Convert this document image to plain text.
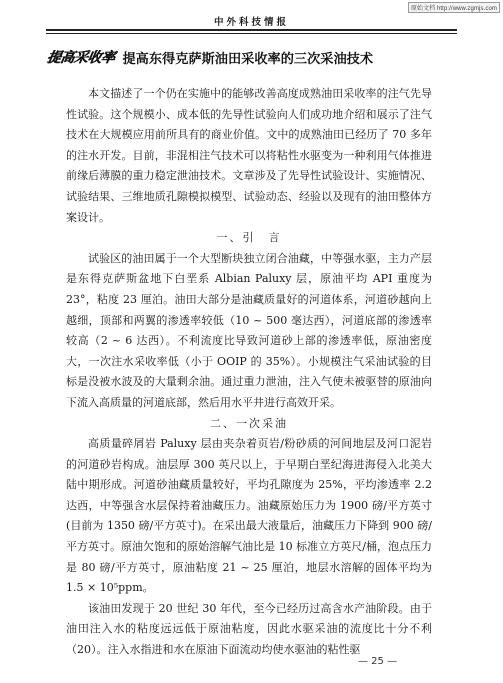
原始文档 http://www.zgmjs.com
中外科技情报
提高采收率 提高东得克萨斯油田采收率的三次采油技术

本文描述了一个仍在实施中的能够改善高度成熟油田采收率的注气先导性试验。这个规模小、成本低的先导性试验向人们成功地介绍和展示了注气技术在大规模应用前所具有的商业价值。文中的成熟油田已经历了 70 多年的注水开发。目前，非混相注气技术可以将粘性水驱变为一种利用气体推进前缘后薄膜的重力稳定泄油技术。文章涉及了先导性试验设计、实施情况、试验结果、三维地质孔隙模拟模型、试验动态、经验以及现有的油田整体方案设计。

一、引　言

试验区的油田属于一个大型断块独立闭合油藏，中等强水驱，主力产层是东得克萨斯盆地下白垩系 Albian Paluxy 层，原油平均 API 重度为 23°，粘度 23 厘泊。油田大部分是油藏质量好的河道体系，河道砂越向上越细，顶部和两翼的渗透率较低（10 ~ 500 毫达西），河道底部的渗透率较高（2 ~ 6 达西）。不利流度比导致河道砂上部的渗透率低，原油密度大，一次注水采收率低（小于 OOIP 的 35%）。小规模注气采油试验的目标是没被水波及的大量剩余油。通过重力泄油，注入气使未被驱替的原油向下流入高质量的河道底部，然后用水平井进行高效开采。

二、一次采油

高质量碎屑岩 Paluxy 层由夹杂着页岩/粉砂质的河间地层及河口泥岩的河道砂岩构成。油层厚 300 英尺以上，于早期白垩纪海进海侵入北美大陆中期形成。河道砂油藏质量较好，平均孔隙度为 25%，平均渗透率 2.2 达西，中等强含水层保持着油藏压力。油藏原始压力为 1900 磅/平方英寸(目前为 1350 磅/平方英寸)。在采出最大液量后，油藏压力下降到 900 磅/平方英寸。原油欠饱和的原始溶解气油比是 10 标准立方英尺/桶，泡点压力是 80 磅/平方英寸，原油粘度 21 ~ 25 厘泊，地层水溶解的固体平均为 1.5 × 10⁵ppm。

该油田发现于 20 世纪 30 年代，至今已经历过高含水产油阶段。由于油田注入水的粘度远远低于原油粘度，因此水驱采油的流度比十分不利（20）。注入水指进和水在原油下面流动均使水驱油的粘性驱

— 25 —
